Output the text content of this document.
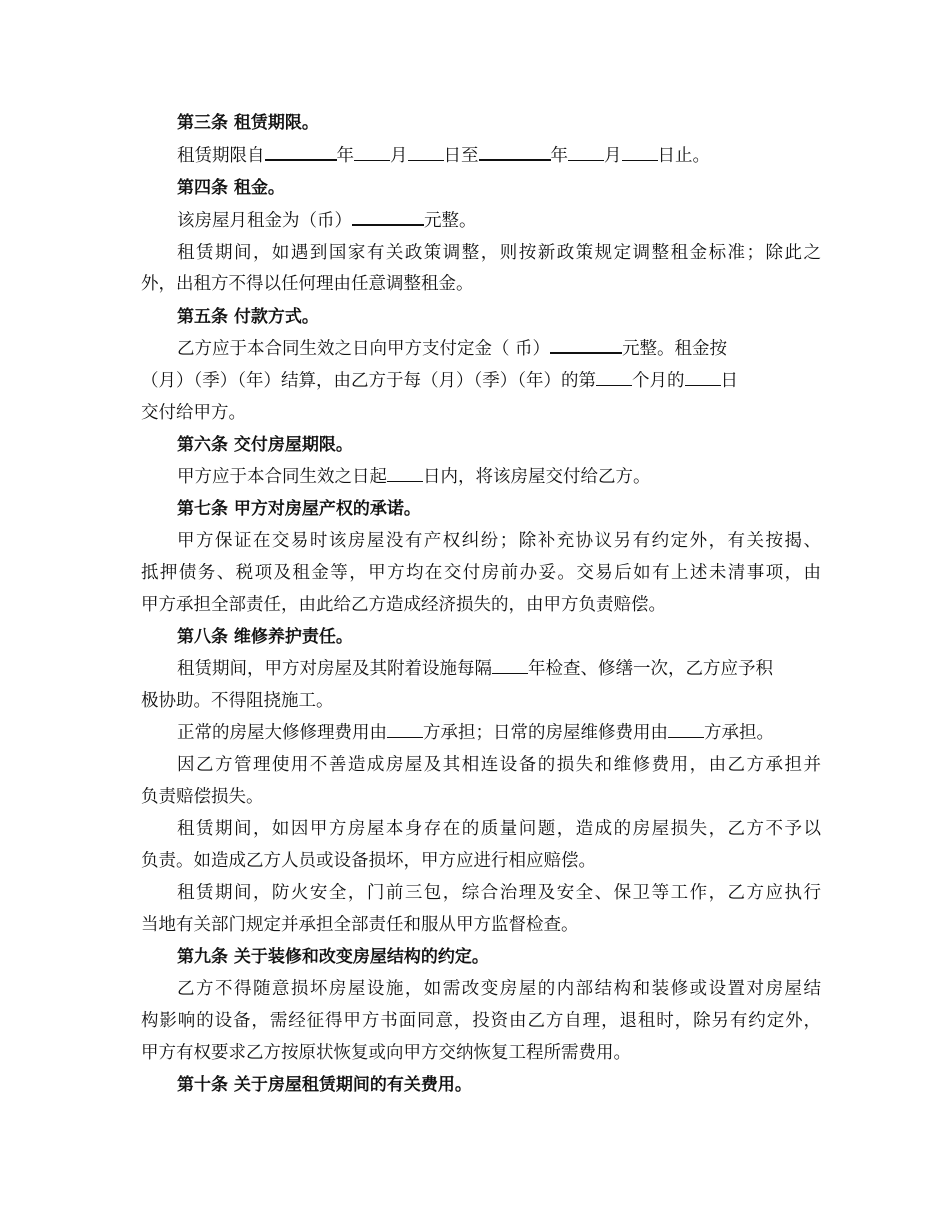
第三条 租赁期限。
租赁期限自	年 月 日至	年 月 日止。
第四条 租金。
该房屋月租金为（币）	元整。
租赁期间，如遇到国家有关政策调整，则按新政策规定调整租金标准；除此之
外，出租方不得以任何理由任意调整租金。
第五条 付款方式。
乙方应于本合同生效之日向甲方支付定金（ 币）	元整。租金按
（月）（季）（年）结算，由乙方于每（月）（季）（年）的第 个月的 日
交付给甲方。
第六条 交付房屋期限。
甲方应于本合同生效之日起 日内，将该房屋交付给乙方。
第七条 甲方对房屋产权的承诺。
甲方保证在交易时该房屋没有产权纠纷；除补充协议另有约定外，有关按揭、
抵押债务、税项及租金等，甲方均在交付房前办妥。交易后如有上述未清事项，由
甲方承担全部责任，由此给乙方造成经济损失的，由甲方负责赔偿。
第八条 维修养护责任。
租赁期间，甲方对房屋及其附着设施每隔 年检查、修缮一次，乙方应予积
极协助。不得阻挠施工。
正常的房屋大修修理费用由 方承担；日常的房屋维修费用由 方承担。
因乙方管理使用不善造成房屋及其相连设备的损失和维修费用，由乙方承担并
负责赔偿损失。
租赁期间，如因甲方房屋本身存在的质量问题，造成的房屋损失，乙方不予以
负责。如造成乙方人员或设备损坏，甲方应进行相应赔偿。
租赁期间，防火安全，门前三包，综合治理及安全、保卫等工作，乙方应执行
当地有关部门规定并承担全部责任和服从甲方监督检查。
第九条 关于装修和改变房屋结构的约定。
乙方不得随意损坏房屋设施，如需改变房屋的内部结构和装修或设置对房屋结
构影响的设备，需经征得甲方书面同意，投资由乙方自理，退租时，除另有约定外，
甲方有权要求乙方按原状恢复或向甲方交纳恢复工程所需费用。
第十条 关于房屋租赁期间的有关费用。
